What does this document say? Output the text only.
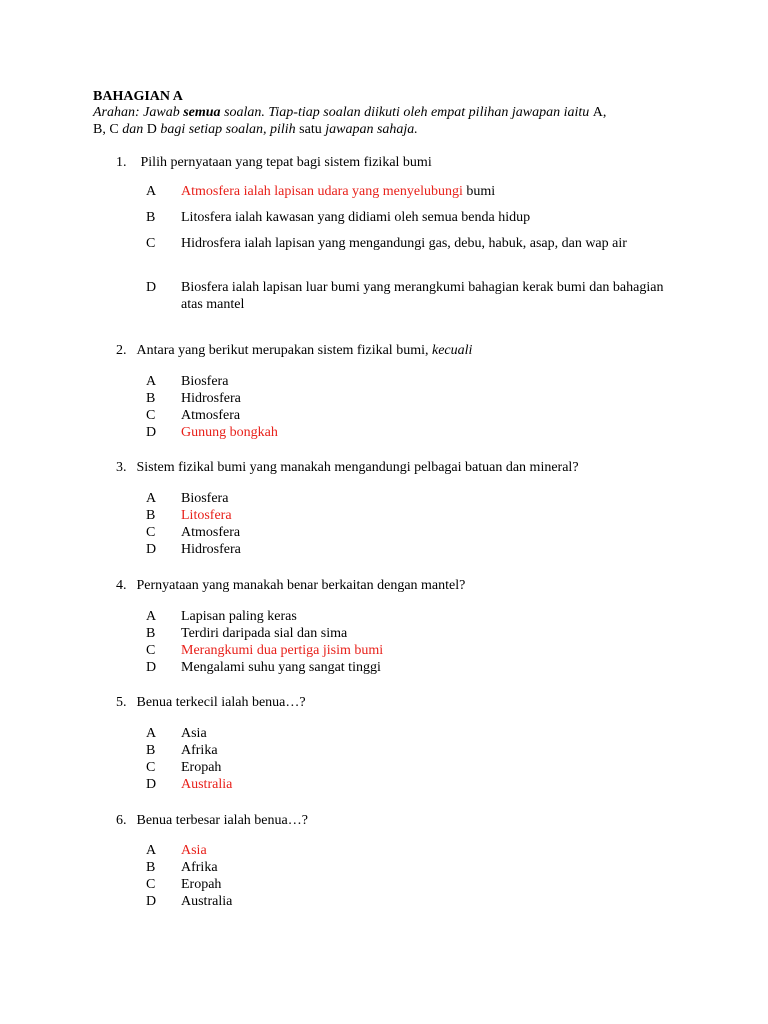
BAHAGIAN A
Arahan: Jawab semua soalan. Tiap-tiap soalan diikuti oleh empat pilihan jawapan iaitu A,
B, C dan D bagi setiap soalan, pilih satu jawapan sahaja.
1. Pilih pernyataan yang tepat bagi sistem fizikal bumi
A Atmosfera ialah lapisan udara yang menyelubungi bumi
B Litosfera ialah kawasan yang didiami oleh semua benda hidup
C Hidrosfera ialah lapisan yang mengandungi gas, debu, habuk, asap, dan wap air
D Biosfera ialah lapisan luar bumi yang merangkumi bahagian kerak bumi dan bahagian atas mantel
2. Antara yang berikut merupakan sistem fizikal bumi, kecuali
A Biosfera
B Hidrosfera
C Atmosfera
D Gunung bongkah
3. Sistem fizikal bumi yang manakah mengandungi pelbagai batuan dan mineral?
A Biosfera
B Litosfera
C Atmosfera
D Hidrosfera
4. Pernyataan yang manakah benar berkaitan dengan mantel?
A Lapisan paling keras
B Terdiri daripada sial dan sima
C Merangkumi dua pertiga jisim bumi
D Mengalami suhu yang sangat tinggi
5. Benua terkecil ialah benua…?
A Asia
B Afrika
C Eropah
D Australia
6. Benua terbesar ialah benua…?
A Asia
B Afrika
C Eropah
D Australia
